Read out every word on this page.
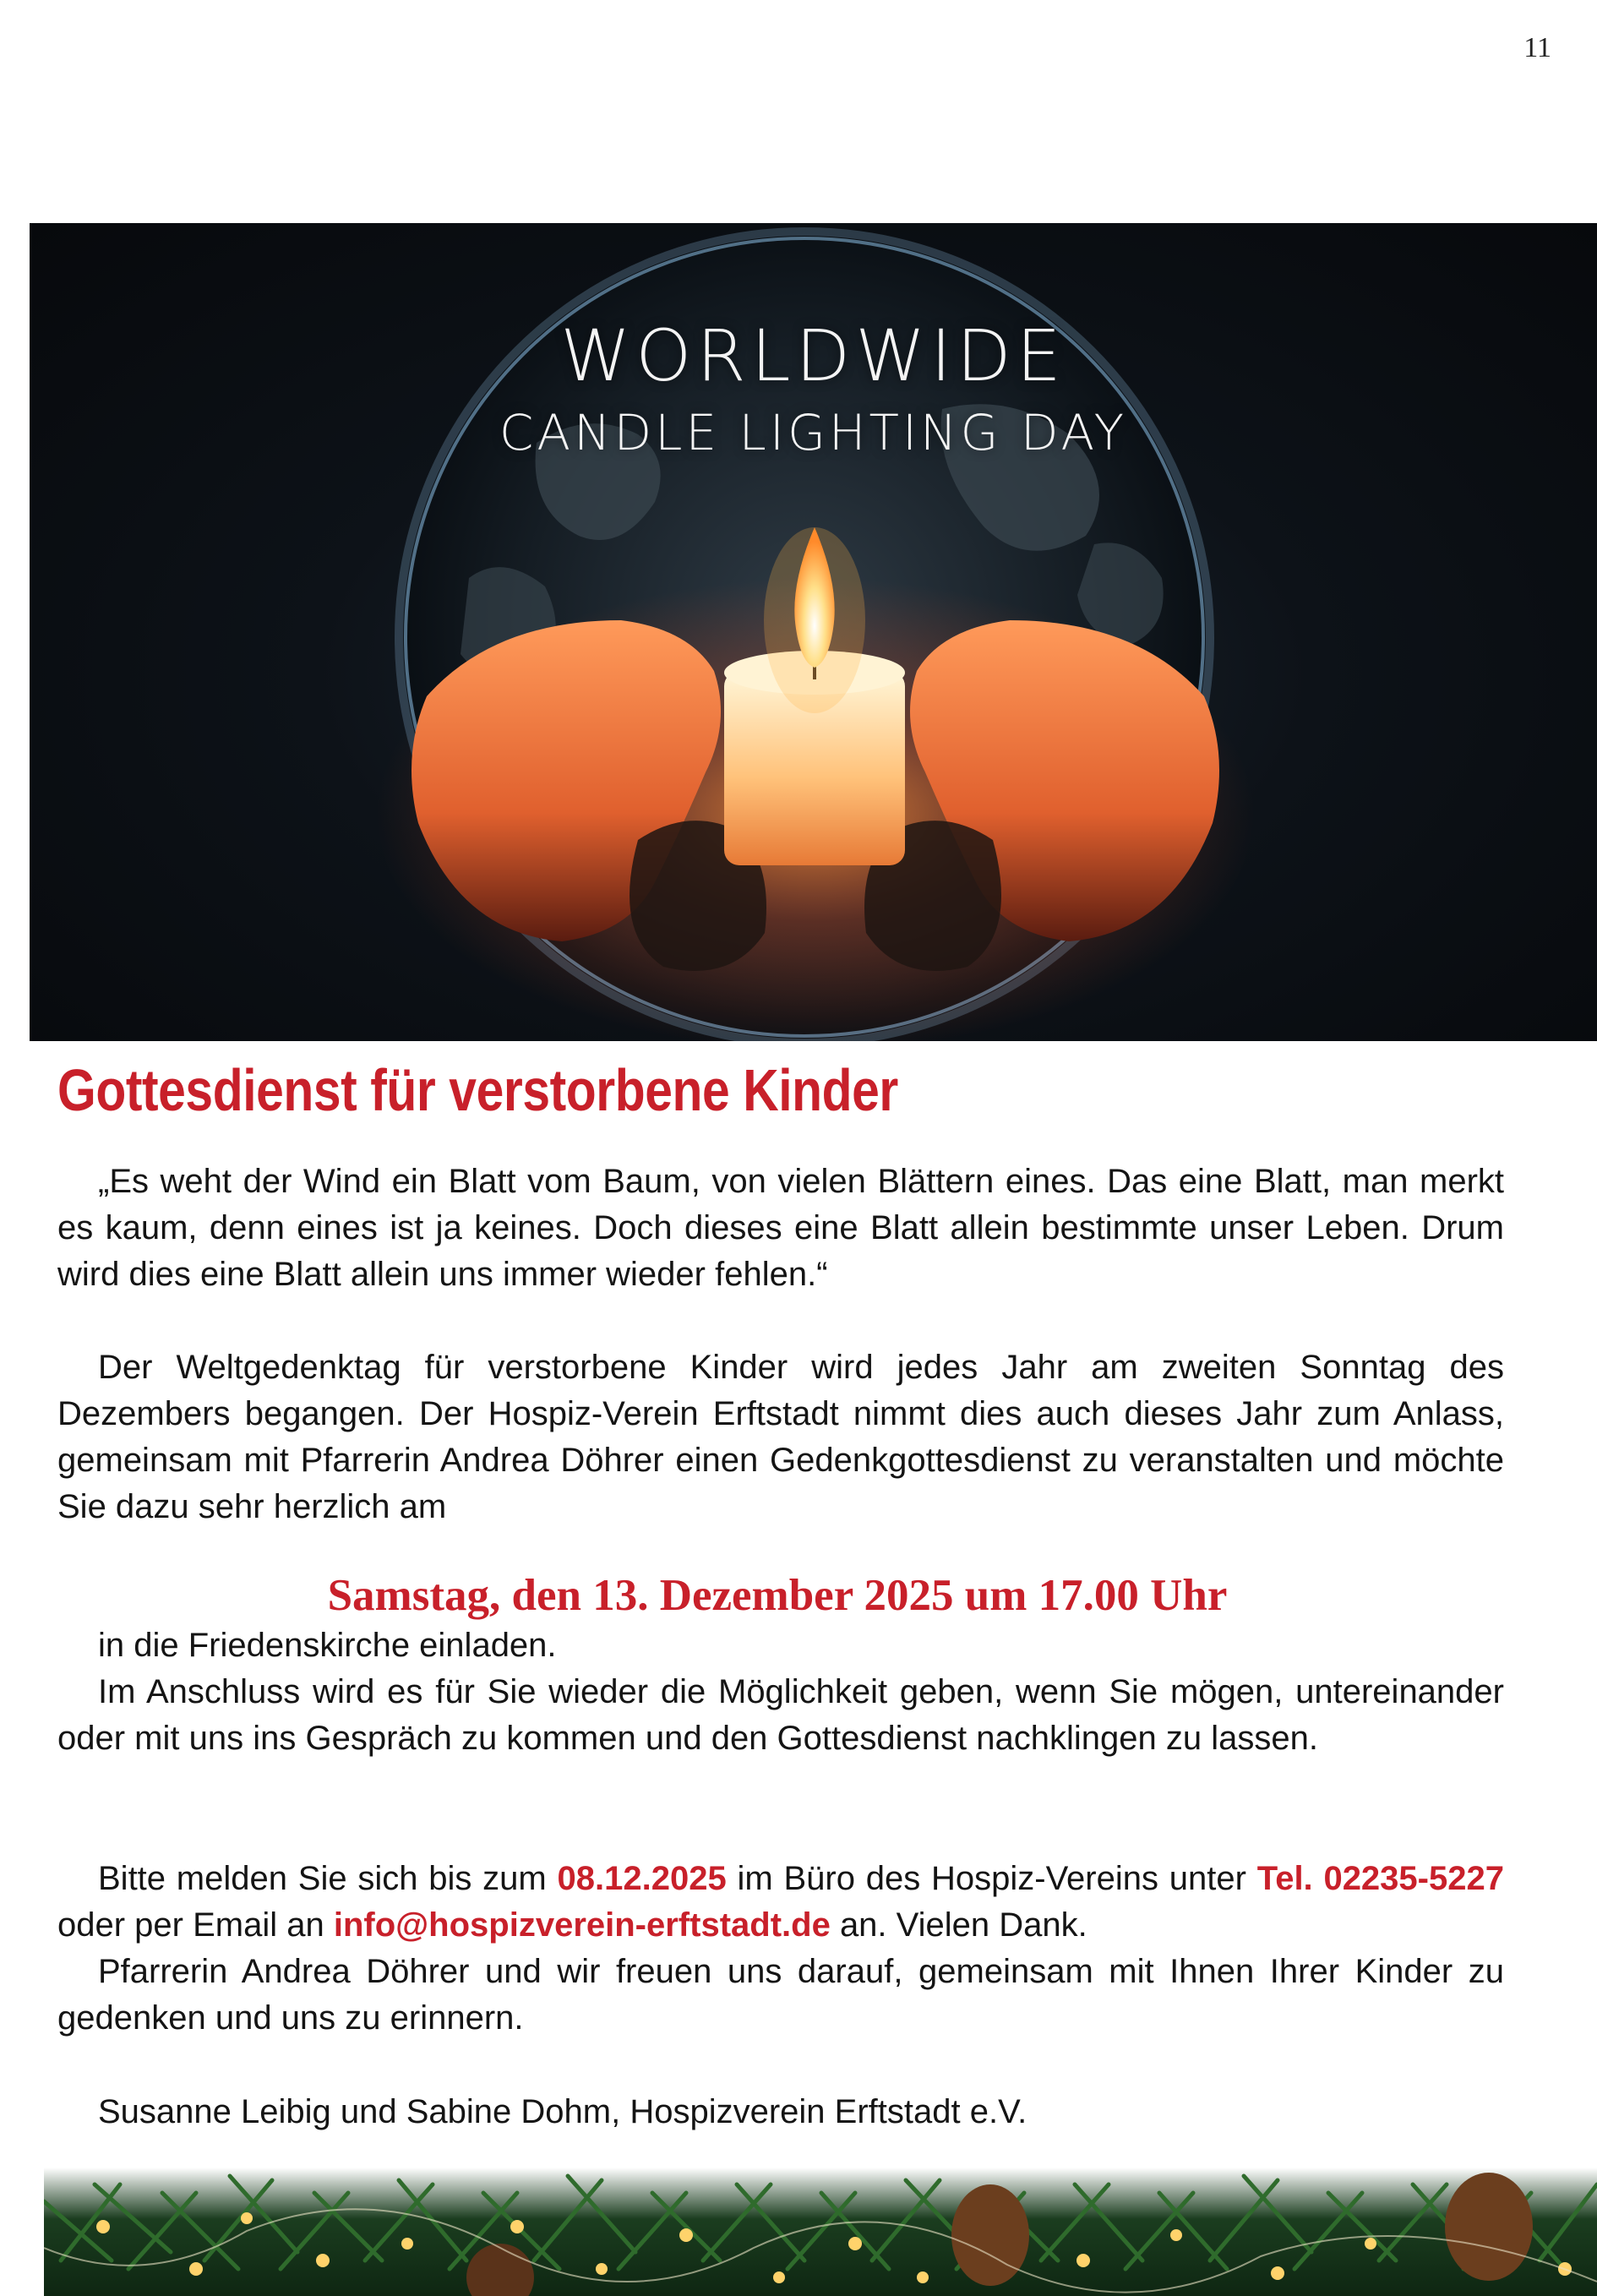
11
WORLDWIDE
CANDLE LIGHTING DAY
Gottesdienst für verstorbene Kinder

„Es weht der Wind ein Blatt vom Baum, von vielen Blättern eines. Das eine Blatt, man merkt es kaum, denn eines ist ja keines. Doch dieses eine Blatt allein bestimmte unser Leben. Drum wird dies eine Blatt allein uns immer wieder fehlen.“

Der Weltgedenktag für verstorbene Kinder wird jedes Jahr am zweiten Sonntag des Dezembers begangen. Der Hospiz-Verein Erftstadt nimmt dies auch dieses Jahr zum Anlass, gemeinsam mit Pfarrerin Andrea Döhrer einen Gedenkgottesdienst zu veranstalten und möchte Sie dazu sehr herzlich am

Samstag, den 13. Dezember 2025 um 17.00 Uhr

in die Friedenskirche einladen.

Im Anschluss wird es für Sie wieder die Möglichkeit geben, wenn Sie mögen, untereinander oder mit uns ins Gespräch zu kommen und den Gottesdienst nachklingen zu lassen.

Bitte melden Sie sich bis zum 08.12.2025 im Büro des Hospiz-Vereins unter Tel. 02235-5227 oder per Email an info@hospizverein-erftstadt.de an. Vielen Dank.

Pfarrerin Andrea Döhrer und wir freuen uns darauf, gemeinsam mit Ihnen Ihrer Kinder zu gedenken und uns zu erinnern.

Susanne Leibig und Sabine Dohm, Hospizverein Erftstadt e.V.
